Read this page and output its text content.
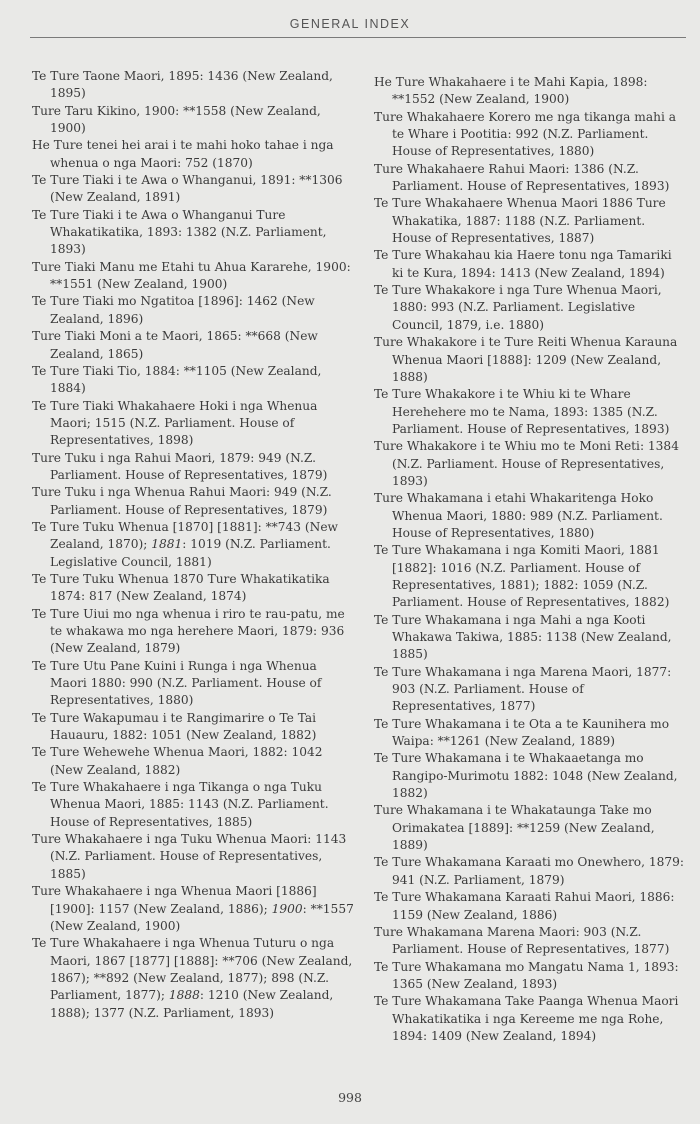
GENERAL INDEX

Te Ture Taone Maori, 1895: 1436 (New Zealand, 1895)

Ture Taru Kikino, 1900: **1558 (New Zealand, 1900)

He Ture tenei hei arai i te mahi hoko tahae i nga whenua o nga Maori: 752 (1870)

Te Ture Tiaki i te Awa o Whanganui, 1891: **1306 (New Zealand, 1891)

Te Ture Tiaki i te Awa o Whanganui Ture Whakatikatika, 1893: 1382 (N.Z. Parliament, 1893)

Ture Tiaki Manu me Etahi tu Ahua Kararehe, 1900: **1551 (New Zealand, 1900)

Te Ture Tiaki mo Ngatitoa [1896]: 1462 (New Zealand, 1896)

Ture Tiaki Moni a te Maori, 1865: **668 (New Zealand, 1865)

Te Ture Tiaki Tio, 1884: **1105 (New Zealand, 1884)

Te Ture Tiaki Whakahaere Hoki i nga Whenua Maori; 1515 (N.Z. Parliament. House of Representatives, 1898)

Ture Tuku i nga Rahui Maori, 1879: 949 (N.Z. Parliament. House of Representatives, 1879)

Ture Tuku i nga Whenua Rahui Maori: 949 (N.Z. Parliament. House of Representatives, 1879)

Te Ture Tuku Whenua [1870] [1881]: **743 (New Zealand, 1870); 1881: 1019 (N.Z. Parliament. Legislative Council, 1881)

Te Ture Tuku Whenua 1870 Ture Whakatikatika 1874: 817 (New Zealand, 1874)

Te Ture Uiui mo nga whenua i riro te rau-patu, me te whakawa mo nga herehere Maori, 1879: 936 (New Zealand, 1879)

Te Ture Utu Pane Kuini i Runga i nga Whenua Maori 1880: 990 (N.Z. Parliament. House of Representatives, 1880)

Te Ture Wakapumau i te Rangimarire o Te Tai Hauauru, 1882: 1051 (New Zealand, 1882)

Te Ture Wehewehe Whenua Maori, 1882: 1042 (New Zealand, 1882)

Te Ture Whakahaere i nga Tikanga o nga Tuku Whenua Maori, 1885: 1143 (N.Z. Parliament. House of Representatives, 1885)

Ture Whakahaere i nga Tuku Whenua Maori: 1143 (N.Z. Parliament. House of Representatives, 1885)

Ture Whakahaere i nga Whenua Maori [1886] [1900]: 1157 (New Zealand, 1886); 1900: **1557 (New Zealand, 1900)

Te Ture Whakahaere i nga Whenua Tuturu o nga Maori, 1867 [1877] [1888]: **706 (New Zealand, 1867); **892 (New Zealand, 1877); 898 (N.Z. Parliament, 1877); 1888: 1210 (New Zealand, 1888); 1377 (N.Z. Parliament, 1893)

He Ture Whakahaere i te Mahi Kapia, 1898: **1552 (New Zealand, 1900)

Ture Whakahaere Korero me nga tikanga mahi a te Whare i Pootitia: 992 (N.Z. Parliament. House of Representatives, 1880)

Ture Whakahaere Rahui Maori: 1386 (N.Z. Parliament. House of Representatives, 1893)

Te Ture Whakahaere Whenua Maori 1886 Ture Whakatika, 1887: 1188 (N.Z. Parliament. House of Representatives, 1887)

Te Ture Whakahau kia Haere tonu nga Tamariki ki te Kura, 1894: 1413 (New Zealand, 1894)

Te Ture Whakakore i nga Ture Whenua Maori, 1880: 993 (N.Z. Parliament. Legislative Council, 1879, i.e. 1880)

Ture Whakakore i te Ture Reiti Whenua Karauna Whenua Maori [1888]: 1209 (New Zealand, 1888)

Te Ture Whakakore i te Whiu ki te Whare Herehehere mo te Nama, 1893: 1385 (N.Z. Parliament. House of Representatives, 1893)

Ture Whakakore i te Whiu mo te Moni Reti: 1384 (N.Z. Parliament. House of Representatives, 1893)

Ture Whakamana i etahi Whakaritenga Hoko Whenua Maori, 1880: 989 (N.Z. Parliament. House of Representatives, 1880)

Te Ture Whakamana i nga Komiti Maori, 1881 [1882]: 1016 (N.Z. Parliament. House of Representatives, 1881); 1882: 1059 (N.Z. Parliament. House of Representatives, 1882)

Te Ture Whakamana i nga Mahi a nga Kooti Whakawa Takiwa, 1885: 1138 (New Zealand, 1885)

Te Ture Whakamana i nga Marena Maori, 1877: 903 (N.Z. Parliament. House of Representatives, 1877)

Te Ture Whakamana i te Ota a te Kaunihera mo Waipa: **1261 (New Zealand, 1889)

Te Ture Whakamana i te Whakaaetanga mo Rangipo-Murimotu 1882: 1048 (New Zealand, 1882)

Ture Whakamana i te Whakataunga Take mo Orimakatea [1889]: **1259 (New Zealand, 1889)

Te Ture Whakamana Karaati mo Onewhero, 1879: 941 (N.Z. Parliament, 1879)

Te Ture Whakamana Karaati Rahui Maori, 1886: 1159 (New Zealand, 1886)

Ture Whakamana Marena Maori: 903 (N.Z. Parliament. House of Representatives, 1877)

Te Ture Whakamana mo Mangatu Nama 1, 1893: 1365 (New Zealand, 1893)

Te Ture Whakamana Take Paanga Whenua Maori Whakatikatika i nga Kereeme me nga Rohe, 1894: 1409 (New Zealand, 1894)

998
